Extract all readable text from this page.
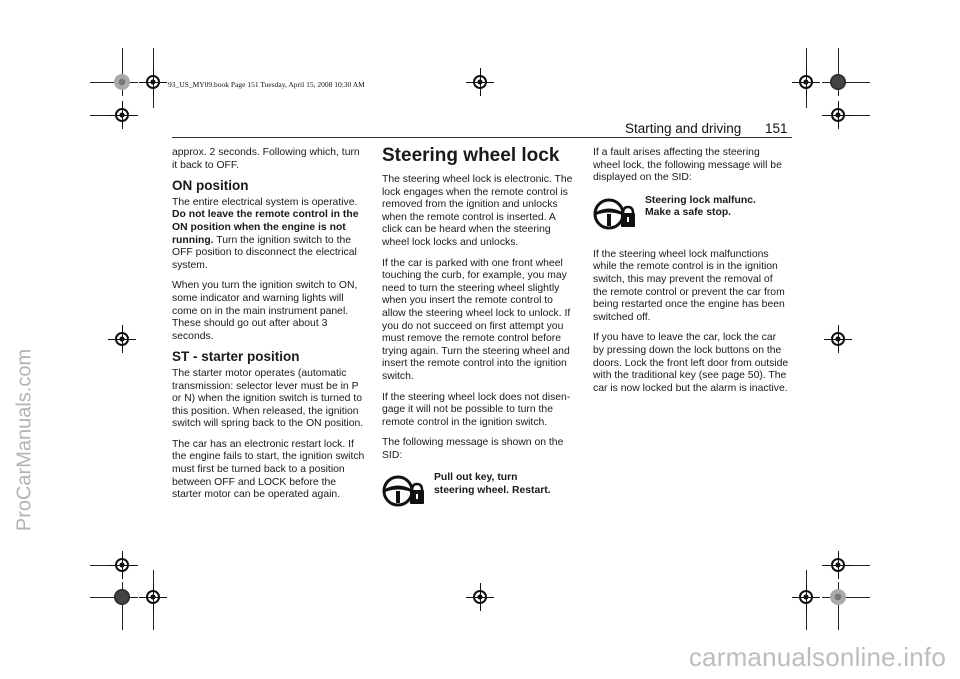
93_US_MY09.book Page 151 Tuesday, April 15, 2008 10:30 AM
Starting and driving 151

approx. 2 seconds. Following which, turn it back to OFF.

ON position

The entire electrical system is operative. Do not leave the remote control in the ON position when the engine is not running. Turn the ignition switch to the OFF position to disconnect the electrical system.

When you turn the ignition switch to ON, some indicator and warning lights will come on in the main instrument panel. These should go out after about 3 seconds.

ST - starter position

The starter motor operates (automatic transmission: selector lever must be in P or N) when the ignition switch is turned to this position. When released, the ignition switch will spring back to the ON position.

The car has an electronic restart lock. If the engine fails to start, the ignition switch must first be turned back to a position between OFF and LOCK before the starter motor can be operated again.

Steering wheel lock

The steering wheel lock is electronic. The lock engages when the remote control is removed from the ignition and unlocks when the remote control is inserted. A click can be heard when the steering wheel lock locks and unlocks.

If the car is parked with one front wheel touching the curb, for example, you may need to turn the steering wheel slightly when you insert the remote control to allow the steering wheel lock to unlock. If you do not succeed on first attempt you must remove the remote control before trying again. Turn the steering wheel and insert the remote control into the ignition switch.

If the steering wheel lock does not disen-gage it will not be possible to turn the remote control in the ignition switch.

The following message is shown on the SID:

Pull out key, turn
steering wheel. Restart.

If a fault arises affecting the steering wheel lock, the following message will be displayed on the SID:

Steering lock malfunc.
Make a safe stop.

If the steering wheel lock malfunctions while the remote control is in the ignition switch, this may prevent the removal of the remote control or prevent the car from being restarted once the engine has been switched off.

If you have to leave the car, lock the car by pressing down the lock buttons on the doors. Lock the front left door from outside with the traditional key (see page 50). The car is now locked but the alarm is inactive.

ProCarManuals.com
carmanualsonline.info
